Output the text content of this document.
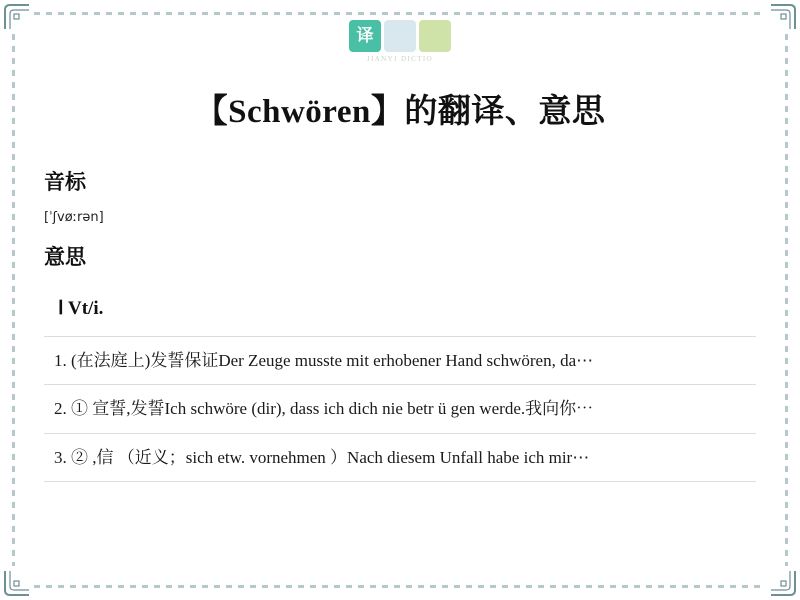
译
JIANYI DICTIO
【Schwören】的翻译、意思
音标
[ˈʃvøːrən]
意思
Ⅰ Vt/i.
1. (在法庭上)发誓保证Der Zeuge musste mit erhobener Hand schwören, da⋯
2. ① 宣誓,发誓Ich schwöre (dir), dass ich dich nie betr ü gen werde.我向你⋯
3. ② ,信 （近义；sich etw. vornehmen ）Nach diesem Unfall habe ich mir⋯
